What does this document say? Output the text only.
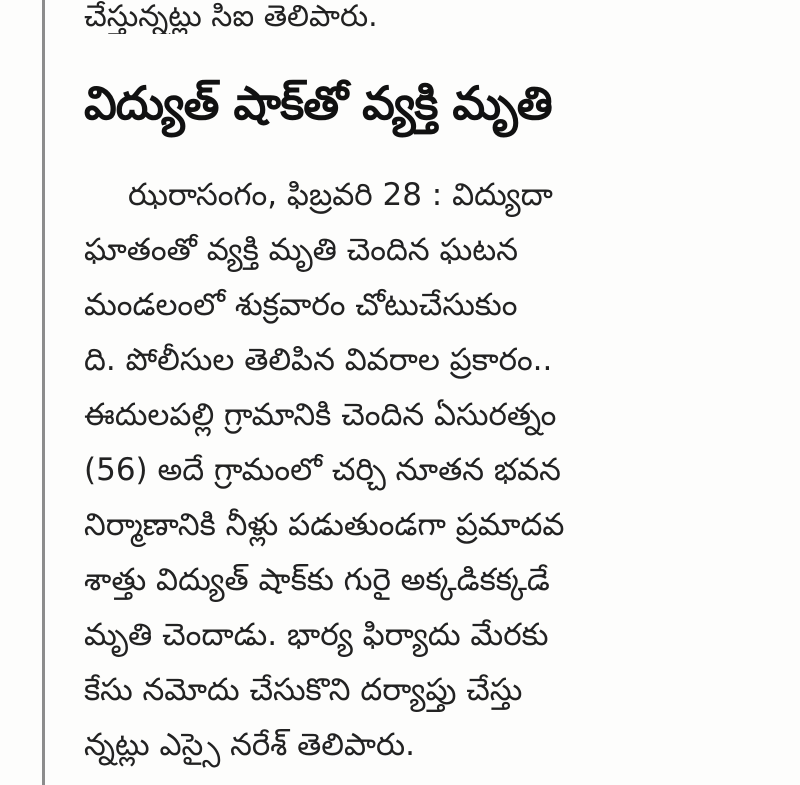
చేస్తున్నట్లు సిఐ తెలిపారు.
విద్యుత్ షాక్‌తో వ్యక్తి మృతి
ఝరాసంగం, ఫిబ్రవరి 28 : విద్యుదా
ఘాతంతో వ్యక్తి మృతి చెందిన ఘటన
మండలంలో శుక్రవారం చోటుచేసుకుం
ది. పోలీసుల తెలిపిన వివరాల ప్రకారం..
ఈదులపల్లి గ్రామానికి చెందిన ఏసురత్నం
(56) అదే గ్రామంలో చర్చి నూతన భవన
నిర్మాణానికి నీళ్లు పడుతుండగా ప్రమాదవ
శాత్తు విద్యుత్ షాక్‌కు గురై అక్కడికక్కడే
మృతి చెందాడు. భార్య ఫిర్యాదు మేరకు
కేసు నమోదు చేసుకొని దర్యాప్తు చేస్తు
న్నట్లు ఎస్సై నరేశ్ తెలిపారు.
